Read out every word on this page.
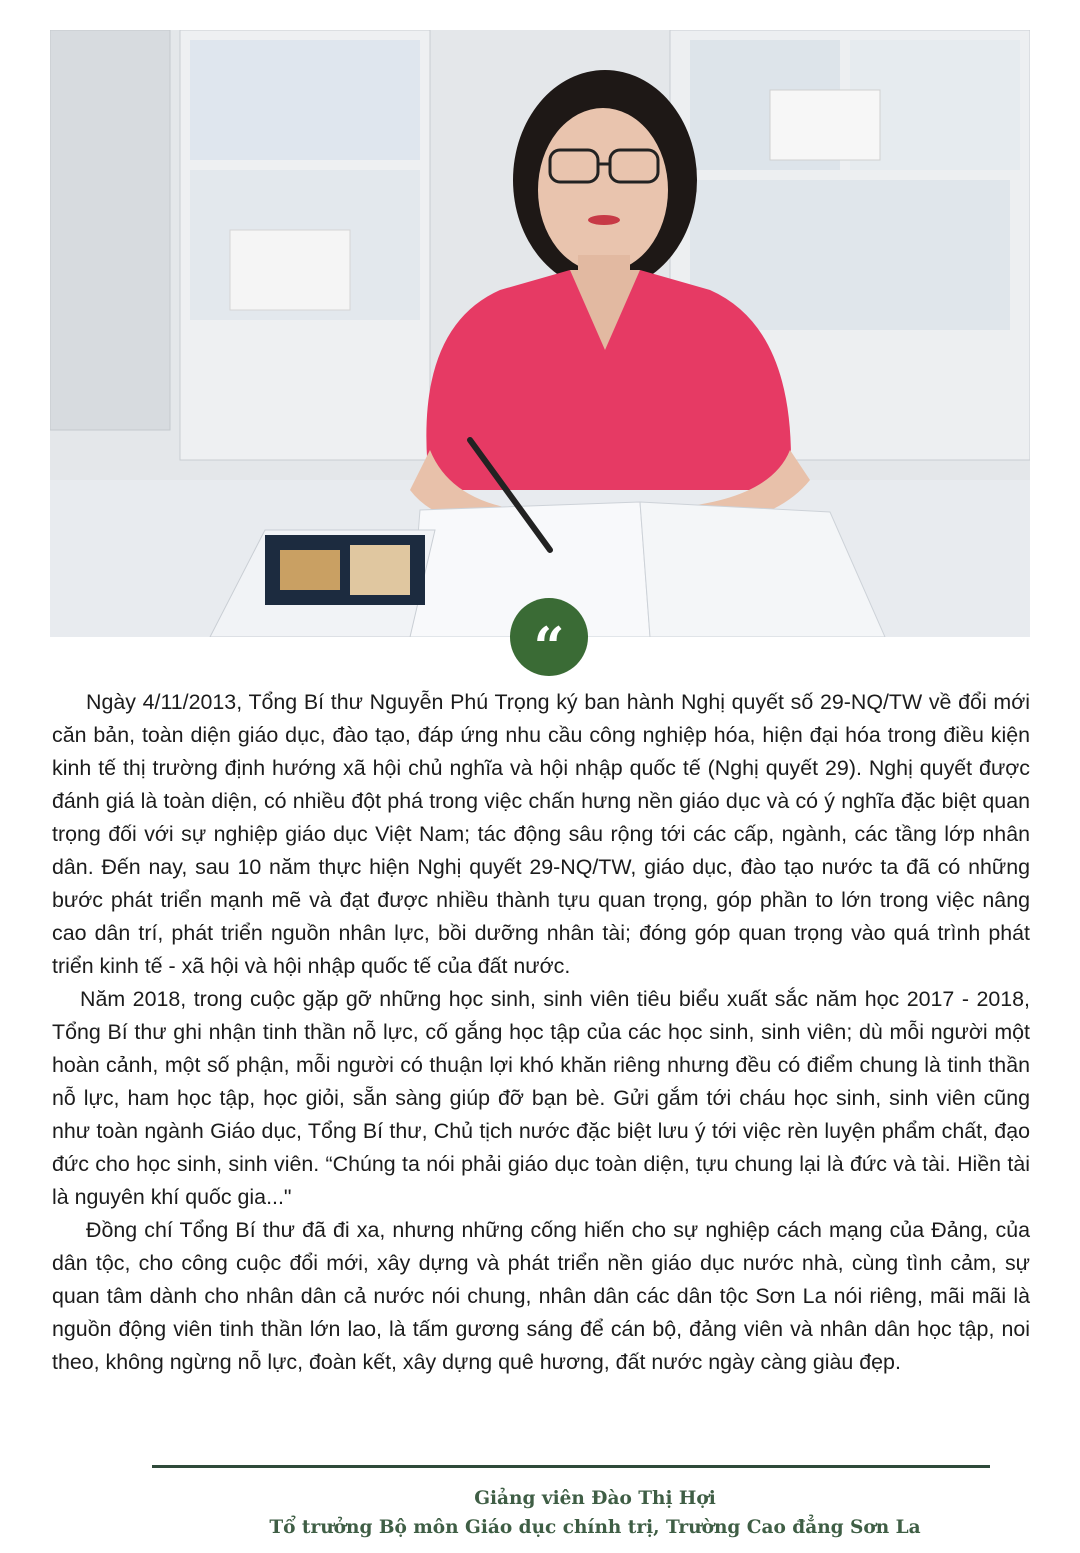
“

Ngày 4/11/2013, Tổng Bí thư Nguyễn Phú Trọng ký ban hành Nghị quyết số 29-NQ/TW về đổi mới căn bản, toàn diện giáo dục, đào tạo, đáp ứng nhu cầu công nghiệp hóa, hiện đại hóa trong điều kiện kinh tế thị trường định hướng xã hội chủ nghĩa và hội nhập quốc tế (Nghị quyết 29). Nghị quyết được đánh giá là toàn diện, có nhiều đột phá trong việc chấn hưng nền giáo dục và có ý nghĩa đặc biệt quan trọng đối với sự nghiệp giáo dục Việt Nam; tác động sâu rộng tới các cấp, ngành, các tầng lớp nhân dân. Đến nay, sau 10 năm thực hiện Nghị quyết 29-NQ/TW, giáo dục, đào tạo nước ta đã có những bước phát triển mạnh mẽ và đạt được nhiều thành tựu quan trọng, góp phần to lớn trong việc nâng cao dân trí, phát triển nguồn nhân lực, bồi dưỡng nhân tài; đóng góp quan trọng vào quá trình phát triển kinh tế - xã hội và hội nhập quốc tế của đất nước.

Năm 2018, trong cuộc gặp gỡ những học sinh, sinh viên tiêu biểu xuất sắc năm học 2017 - 2018, Tổng Bí thư ghi nhận tinh thần nỗ lực, cố gắng học tập của các học sinh, sinh viên; dù mỗi người một hoàn cảnh, một số phận, mỗi người có thuận lợi khó khăn riêng nhưng đều có điểm chung là tinh thần nỗ lực, ham học tập, học giỏi, sẵn sàng giúp đỡ bạn bè. Gửi gắm tới cháu học sinh, sinh viên cũng như toàn ngành Giáo dục, Tổng Bí thư, Chủ tịch nước đặc biệt lưu ý tới việc rèn luyện phẩm chất, đạo đức cho học sinh, sinh viên. “Chúng ta nói phải giáo dục toàn diện, tựu chung lại là đức và tài. Hiền tài là nguyên khí quốc gia..."

Đồng chí Tổng Bí thư đã đi xa, nhưng những cống hiến cho sự nghiệp cách mạng của Đảng, của dân tộc, cho công cuộc đổi mới, xây dựng và phát triển nền giáo dục nước nhà, cùng tình cảm, sự quan tâm dành cho nhân dân cả nước nói chung, nhân dân các dân tộc Sơn La nói riêng, mãi mãi là nguồn động viên tinh thần lớn lao, là tấm gương sáng để cán bộ, đảng viên và nhân dân học tập, noi theo, không ngừng nỗ lực, đoàn kết, xây dựng quê hương, đất nước ngày càng giàu đẹp.

Giảng viên Đào Thị Hợi
Tổ trưởng Bộ môn Giáo dục chính trị, Trường Cao đẳng Sơn La
